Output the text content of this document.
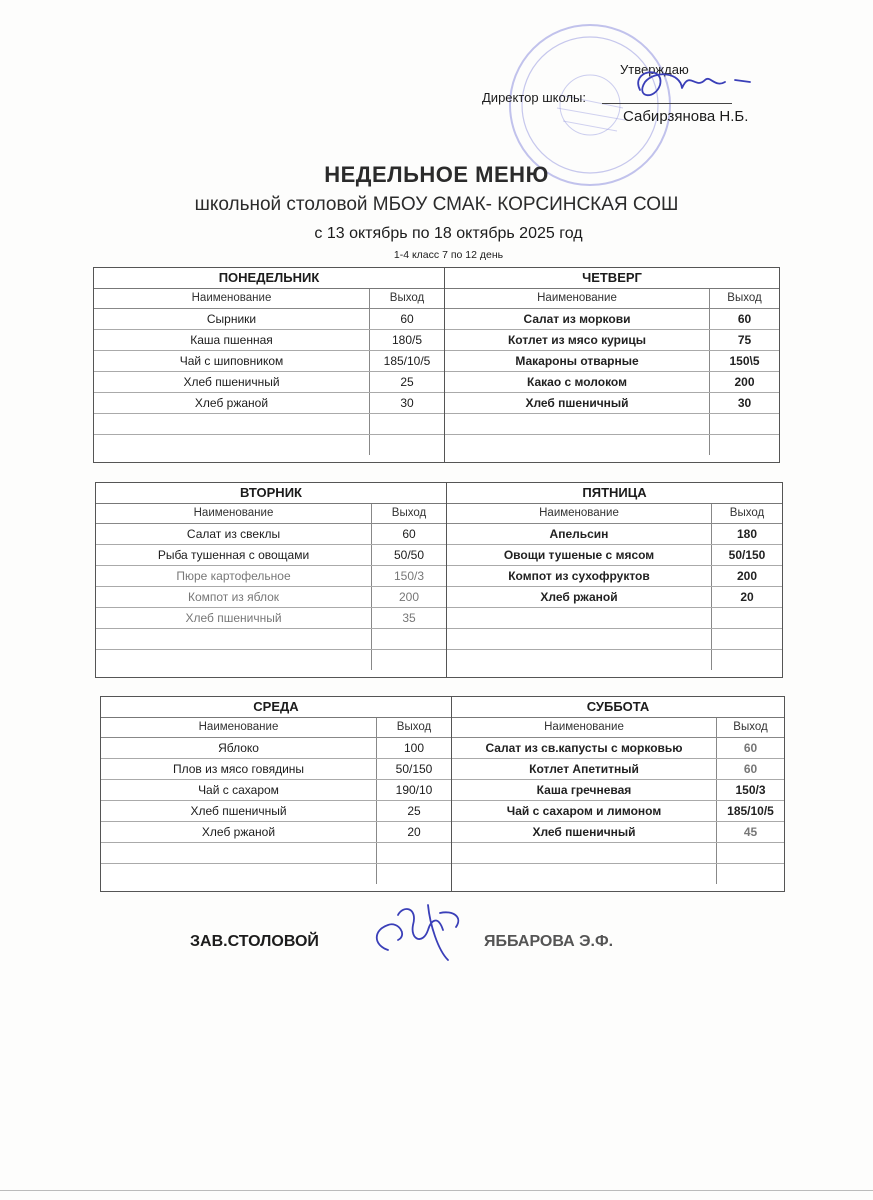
Утверждаю
Директор школы:
Сабирзянова Н.Б.
НЕДЕЛЬНОЕ МЕНЮ
школьной столовой МБОУ СМАК- КОРСИНСКАЯ СОШ
с 13 октябрь по 18 октябрь 2025 год
1-4 класс 7 по 12 день
ПОНЕДЕЛЬНИК
Наименование	Выход
Сырники	60
Каша пшенная	180/5
Чай с шиповником	185/10/5
Хлеб пшеничный	25
Хлеб ржаной	30
ЧЕТВЕРГ
Наименование	Выход
Салат из моркови	60
Котлет из мясо курицы	75
Макароны отварные	150\5
Какао с молоком	200
Хлеб пшеничный	30
ВТОРНИК
Наименование	Выход
Салат из свеклы	60
Рыба тушенная с овощами	50/50
Пюре картофельное	150/3
Компот из яблок	200
Хлеб пшеничный	35
ПЯТНИЦА
Наименование	Выход
Апельсин	180
Овощи тушеные с мясом	50/150
Компот из сухофруктов	200
Хлеб ржаной	20
СРЕДА
Наименование	Выход
Яблоко	100
Плов из мясо говядины	50/150
Чай с сахаром	190/10
Хлеб пшеничный	25
Хлеб ржаной	20
СУББОТА
Наименование	Выход
Салат из св.капусты с морковью	60
Котлет Апетитный	60
Каша гречневая	150/3
Чай с сахаром и лимоном	185/10/5
Хлеб пшеничный	45
ЗАВ.СТОЛОВОЙ	ЯББАРОВА Э.Ф.
